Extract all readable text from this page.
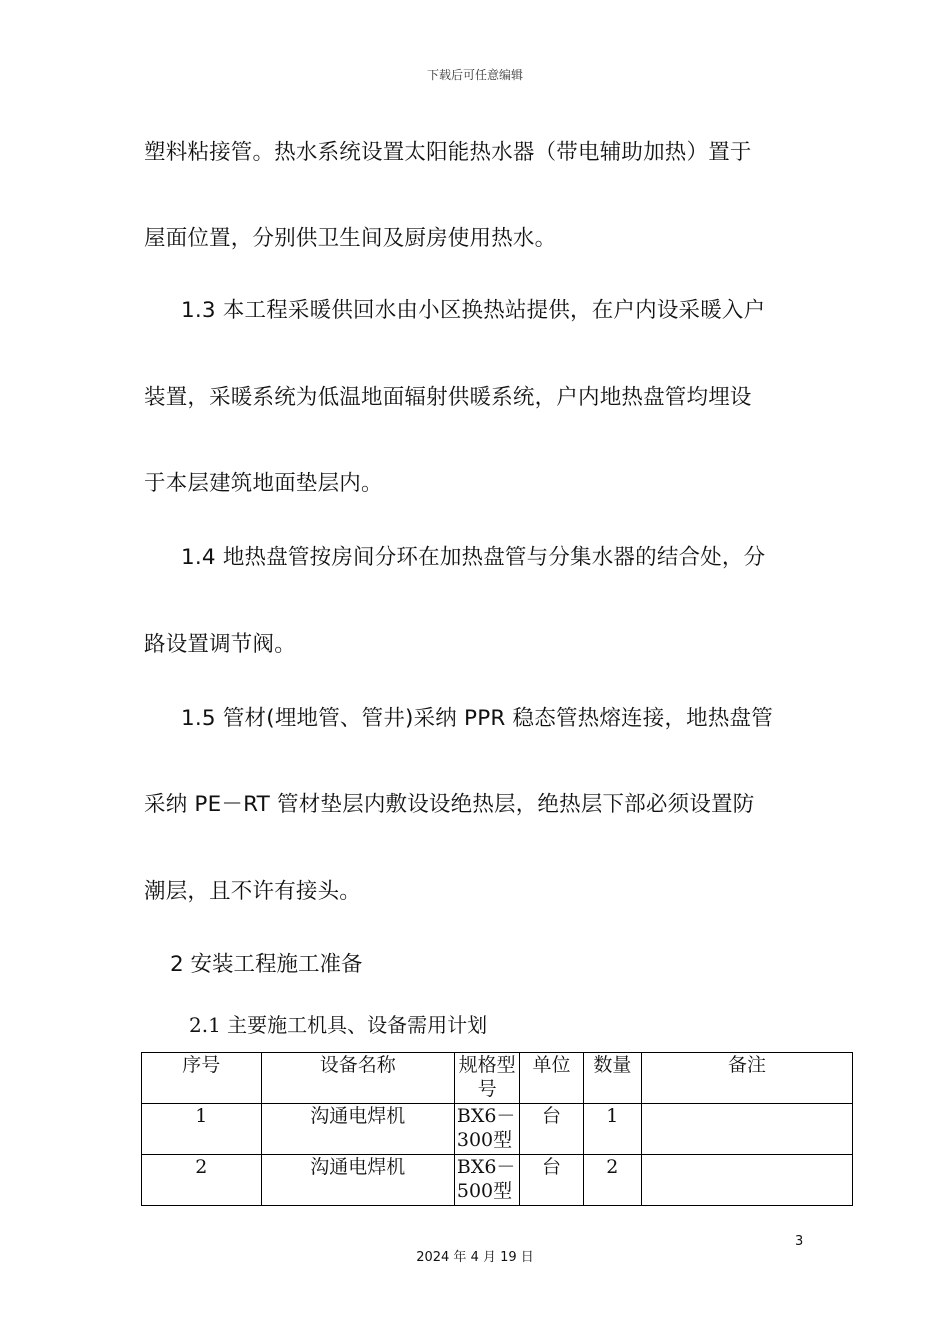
下载后可任意编辑
塑料粘接管。热水系统设置太阳能热水器（带电辅助加热）置于
屋面位置，分别供卫生间及厨房使用热水。
1.3 本工程采暖供回水由小区换热站提供，在户内设采暖入户
装置，采暖系统为低温地面辐射供暖系统，户内地热盘管均埋设
于本层建筑地面垫层内。
1.4 地热盘管按房间分环在加热盘管与分集水器的结合处，分
路设置调节阀。
1.5 管材(埋地管、管井)采纳 PPR 稳态管热熔连接，地热盘管
采纳 PE－RT 管材垫层内敷设设绝热层，绝热层下部必须设置防
潮层，且不许有接头。
2 安装工程施工准备
2.1 主要施工机具、设备需用计划
序号	设备名称	规格型号	单位	数量	备注
1	沟通电焊机	BX6－300型	台	1	
2	沟通电焊机	BX6－500型	台	2	
3
2024 年 4 月 19 日
